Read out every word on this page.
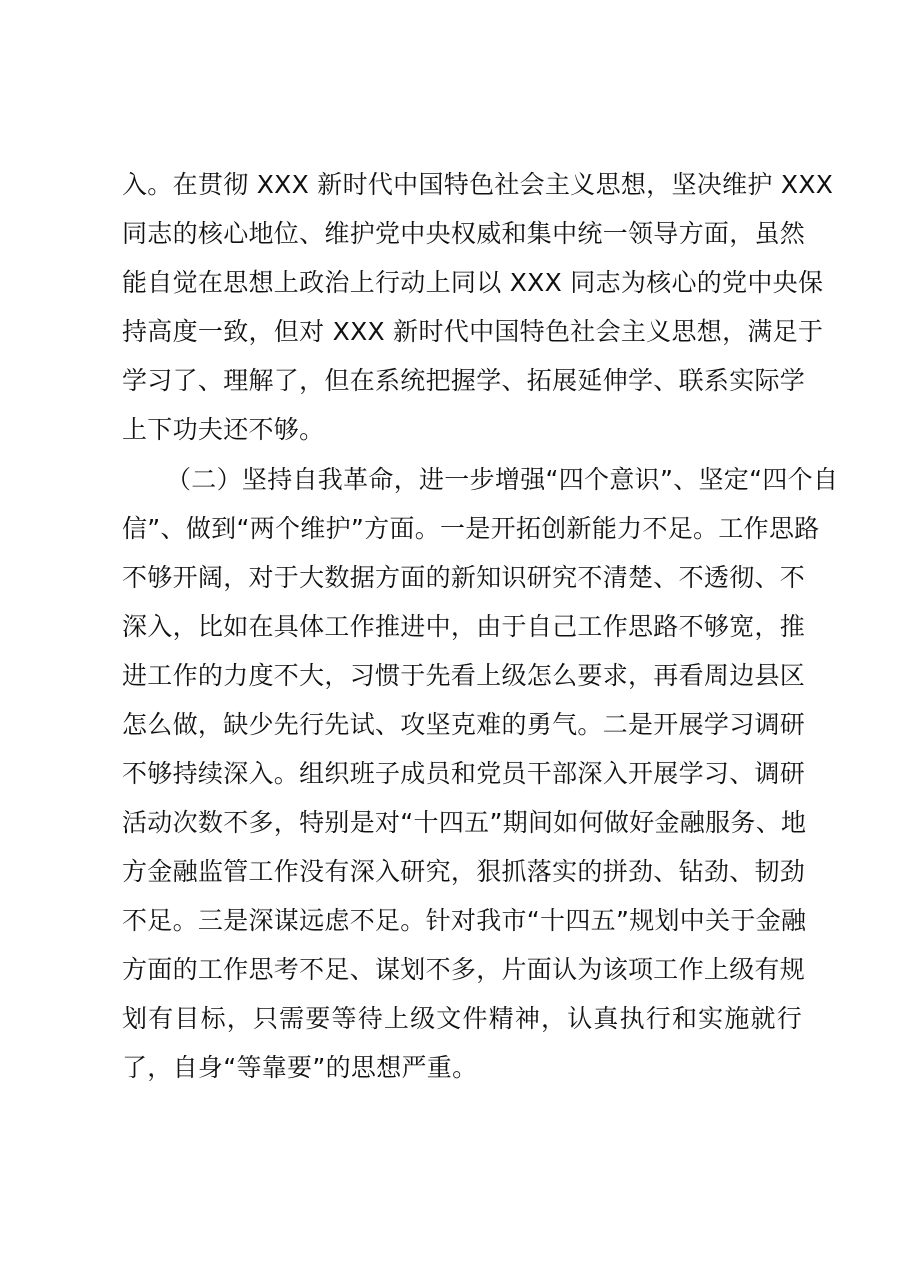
入。在贯彻 XXX 新时代中国特色社会主义思想，坚决维护 XXX
同志的核心地位、维护党中央权威和集中统一领导方面，虽然
能自觉在思想上政治上行动上同以 XXX 同志为核心的党中央保
持高度一致，但对 XXX 新时代中国特色社会主义思想，满足于
学习了、理解了，但在系统把握学、拓展延伸学、联系实际学
上下功夫还不够。
（二）坚持自我革命，进一步增强“四个意识”、坚定“四个自
信”、做到“两个维护”方面。一是开拓创新能力不足。工作思路
不够开阔，对于大数据方面的新知识研究不清楚、不透彻、不
深入，比如在具体工作推进中，由于自己工作思路不够宽，推
进工作的力度不大，习惯于先看上级怎么要求，再看周边县区
怎么做，缺少先行先试、攻坚克难的勇气。二是开展学习调研
不够持续深入。组织班子成员和党员干部深入开展学习、调研
活动次数不多，特别是对“十四五”期间如何做好金融服务、地
方金融监管工作没有深入研究，狠抓落实的拼劲、钻劲、韧劲
不足。三是深谋远虑不足。针对我市“十四五”规划中关于金融
方面的工作思考不足、谋划不多，片面认为该项工作上级有规
划有目标，只需要等待上级文件精神，认真执行和实施就行
了，自身“等靠要”的思想严重。
